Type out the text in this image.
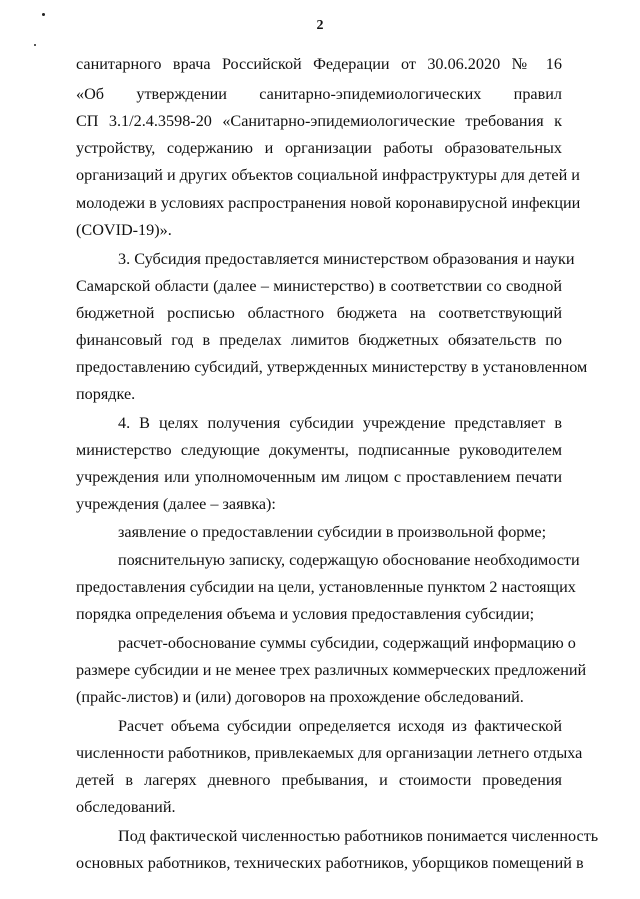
2
санитарного врача Российской Федерации от 30.06.2020 № 16
«Об утверждении санитарно-эпидемиологических правил
СП 3.1/2.4.3598-20 «Санитарно-эпидемиологические требования к
устройству, содержанию и организации работы образовательных
организаций и других объектов социальной инфраструктуры для детей и
молодежи в условиях распространения новой коронавирусной инфекции
(COVID-19)».
3. Субсидия предоставляется министерством образования и науки
Самарской области (далее – министерство) в соответствии со сводной
бюджетной росписью областного бюджета на соответствующий
финансовый год в пределах лимитов бюджетных обязательств по
предоставлению субсидий, утвержденных министерству в установленном
порядке.
4. В целях получения субсидии учреждение представляет в
министерство следующие документы, подписанные руководителем
учреждения или уполномоченным им лицом с проставлением печати
учреждения (далее – заявка):
заявление о предоставлении субсидии в произвольной форме;
пояснительную записку, содержащую обоснование необходимости
предоставления субсидии на цели, установленные пунктом 2 настоящих
порядка определения объема и условия предоставления субсидии;
расчет-обоснование суммы субсидии, содержащий информацию о
размере субсидии и не менее трех различных коммерческих предложений
(прайс-листов) и (или) договоров на прохождение обследований.
Расчет объема субсидии определяется исходя из фактической
численности работников, привлекаемых для организации летнего отдыха
детей в лагерях дневного пребывания, и стоимости проведения
обследований.
Под фактической численностью работников понимается численность
основных работников, технических работников, уборщиков помещений в
